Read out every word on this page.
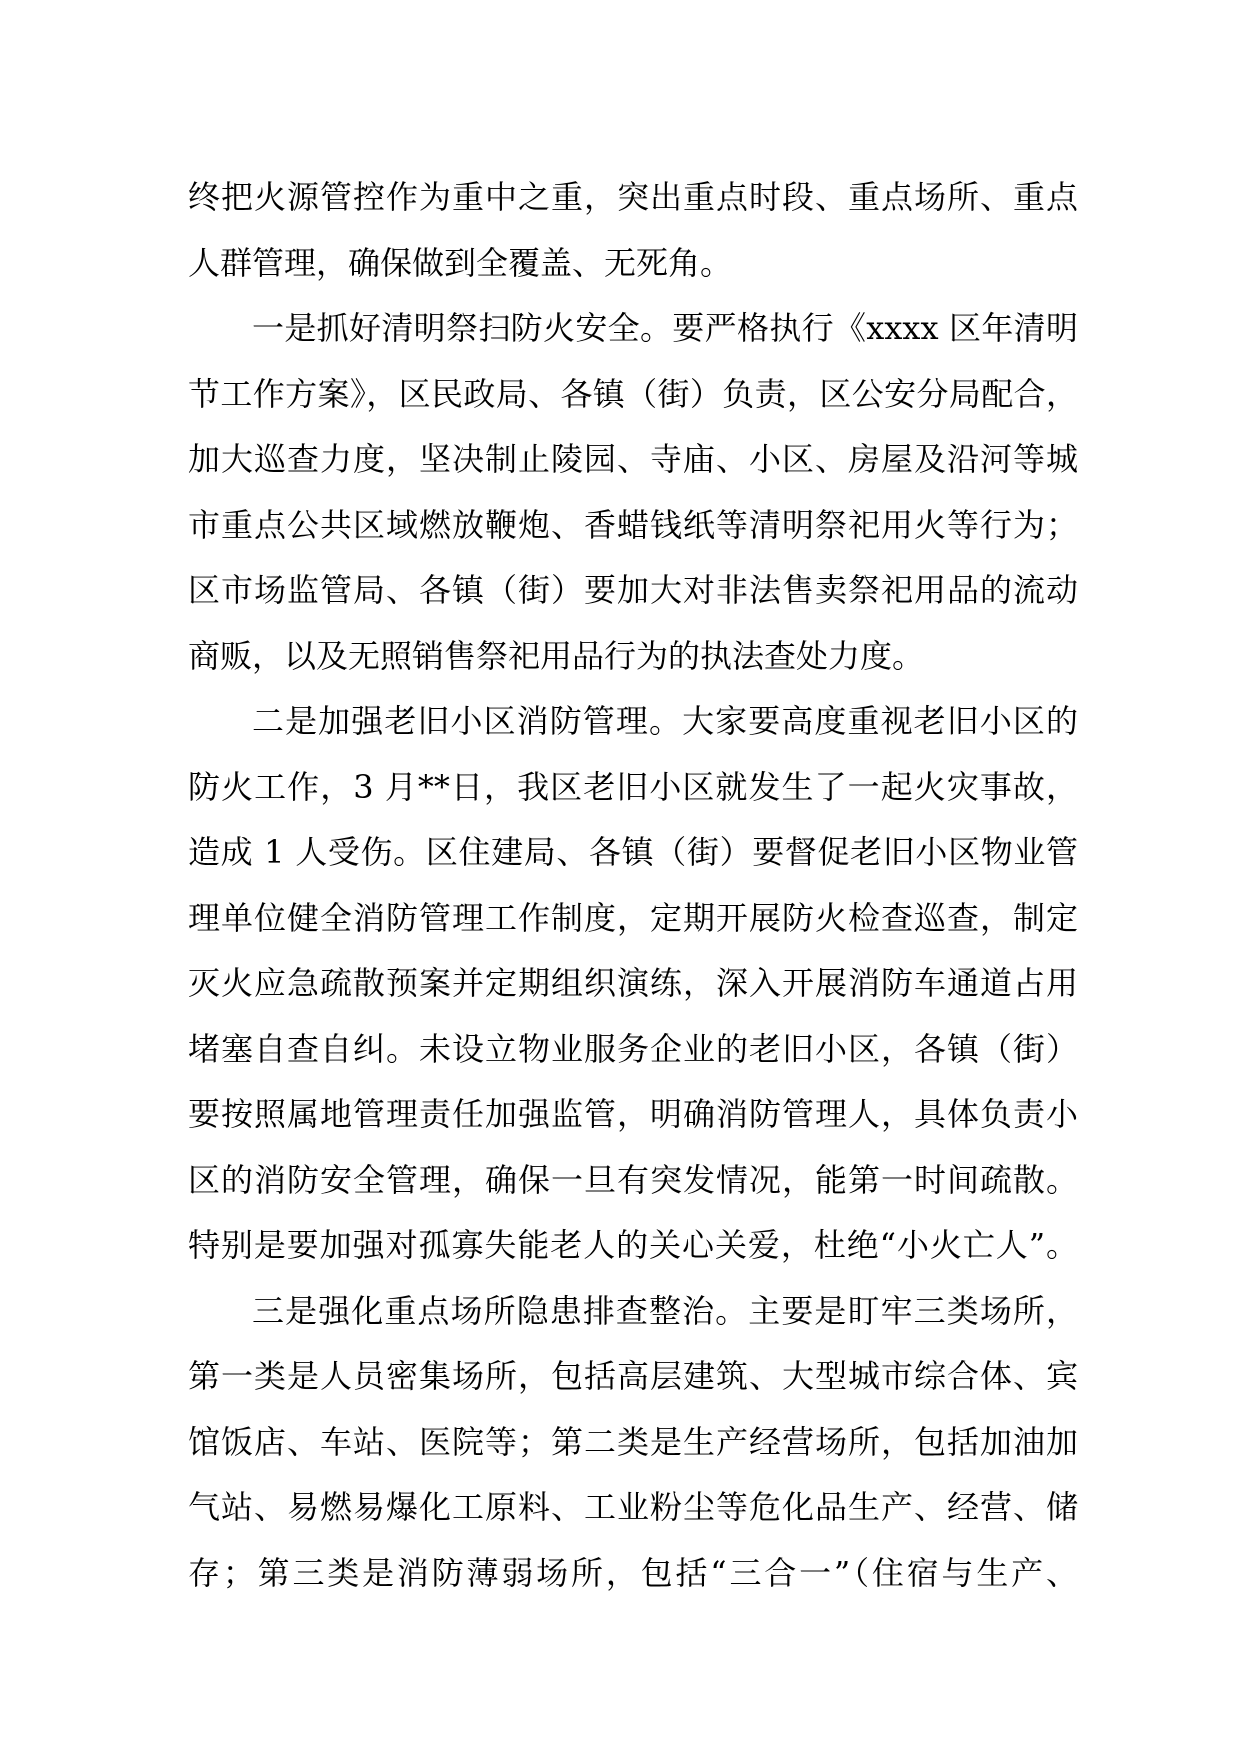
终把火源管控作为重中之重，突出重点时段、重点场所、重点
人群管理，确保做到全覆盖、无死角。
一是抓好清明祭扫防火安全。要严格执行《xxxx 区年清明
节工作方案》，区民政局、各镇（街）负责，区公安分局配合，
加大巡查力度，坚决制止陵园、寺庙、小区、房屋及沿河等城
市重点公共区域燃放鞭炮、香蜡钱纸等清明祭祀用火等行为；
区市场监管局、各镇（街）要加大对非法售卖祭祀用品的流动
商贩，以及无照销售祭祀用品行为的执法查处力度。
二是加强老旧小区消防管理。大家要高度重视老旧小区的
防火工作，3 月**日，我区老旧小区就发生了一起火灾事故，
造成 1 人受伤。区住建局、各镇（街）要督促老旧小区物业管
理单位健全消防管理工作制度，定期开展防火检查巡查，制定
灭火应急疏散预案并定期组织演练，深入开展消防车通道占用
堵塞自查自纠。未设立物业服务企业的老旧小区，各镇（街）
要按照属地管理责任加强监管，明确消防管理人，具体负责小
区的消防安全管理，确保一旦有突发情况，能第一时间疏散。
特别是要加强对孤寡失能老人的关心关爱，杜绝“小火亡人”。
三是强化重点场所隐患排查整治。主要是盯牢三类场所，
第一类是人员密集场所，包括高层建筑、大型城市综合体、宾
馆饭店、车站、医院等；第二类是生产经营场所，包括加油加
气站、易燃易爆化工原料、工业粉尘等危化品生产、经营、储
存；第三类是消防薄弱场所，包括“三合一”（住宿与生产、
